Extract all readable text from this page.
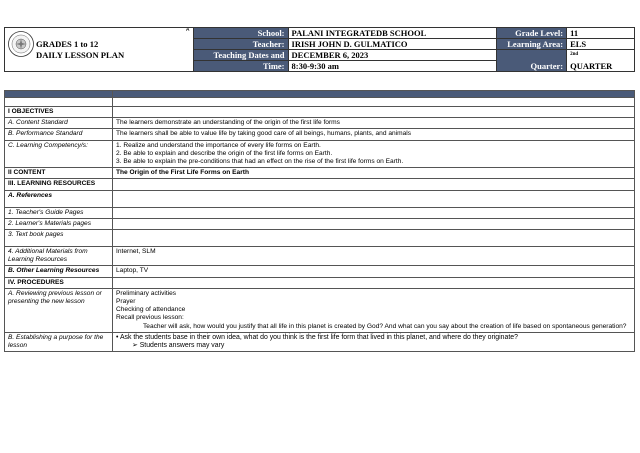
A
GRADES 1 to 12
DAILY LESSON PLAN	School:	PALANI INTEGRATEDB SCHOOL	Grade Level:	11
	Teacher:	IRISH JOHN D. GULMATICO	Learning Area:	ELS
	Teaching Dates and	DECEMBER 6, 2023		2nd
	Time:	8:30-9:30 am	Quarter:	QUARTER

I OBJECTIVES	
A. Content Standard	The learners demonstrate an understanding of the origin of the first life forms
B. Performance Standard	The learners shall be able to value life by taking good care of all beings, humans, plants, and animals
C. Learning Competency/s:	1. Realize and understand the importance of every life forms on Earth.
2. Be able to explain and describe the origin of the first life forms on Earth.
3. Be able to explain the pre-conditions that had an effect on the rise of the first life forms on Earth.

II CONTENT	The Origin of the First Life Forms on Earth
III. LEARNING RESOURCES	
A. References	
1. Teacher's Guide Pages	
2. Learner's Materials pages	
3. Text book pages	
4. Additional Materials from Learning Resources	Internet, SLM
B. Other Learning Resources	Laptop, TV
IV. PROCEDURES	
A. Reviewing previous lesson or presenting the new lesson	Preliminary activities
Prayer
Checking of attendance
Recall previous lesson:
Teacher will ask, how would you justify that all life in this planet is created by God? And what can you say about the creation of life based on spontaneous generation?

B. Establishing a purpose for the lesson	• Ask the students base in their own idea, what do you think is the first life form that lived in this planet, and where do they originate?
➢ Students answers may vary
